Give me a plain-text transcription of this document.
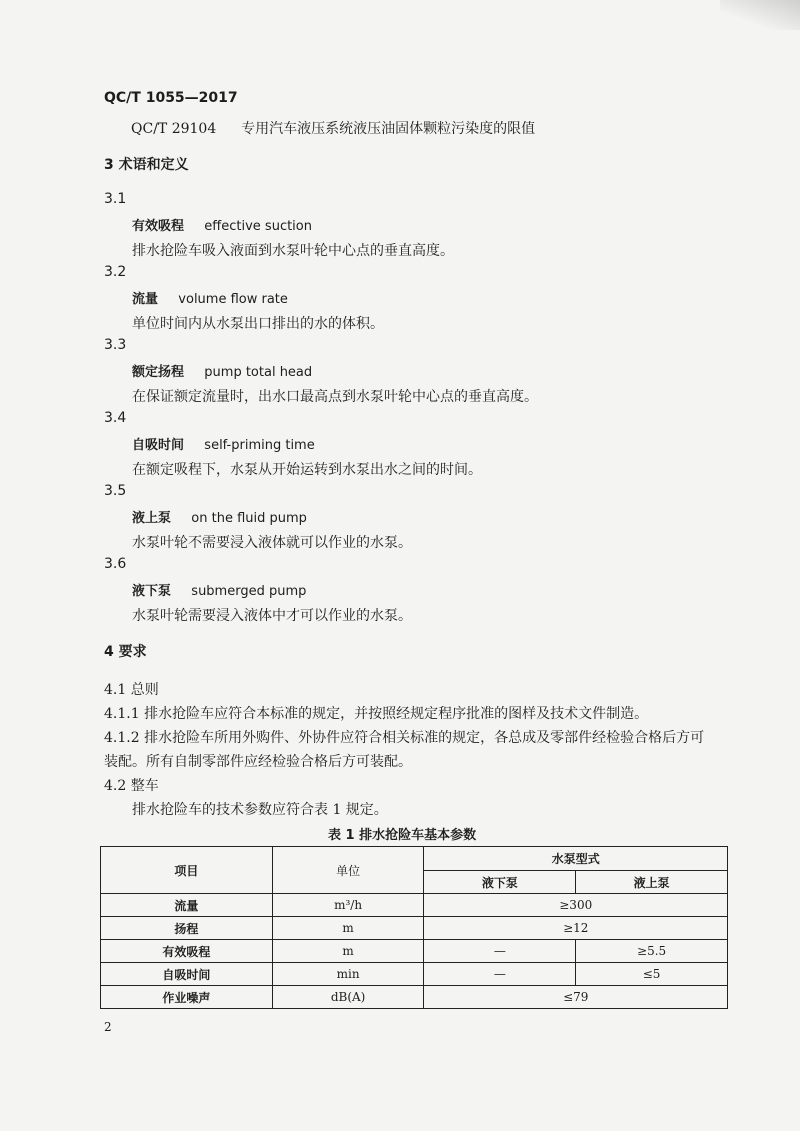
QC/T 1055—2017
QC/T 29104 专用汽车液压系统液压油固体颗粒污染度的限值
3 术语和定义
3.1
有效吸程 effective suction
排水抢险车吸入液面到水泵叶轮中心点的垂直高度。
3.2
流量 volume flow rate
单位时间内从水泵出口排出的水的体积。
3.3
额定扬程 pump total head
在保证额定流量时，出水口最高点到水泵叶轮中心点的垂直高度。
3.4
自吸时间 self-priming time
在额定吸程下，水泵从开始运转到水泵出水之间的时间。
3.5
液上泵 on the fluid pump
水泵叶轮不需要浸入液体就可以作业的水泵。
3.6
液下泵 submerged pump
水泵叶轮需要浸入液体中才可以作业的水泵。
4 要求
4.1 总则
4.1.1 排水抢险车应符合本标准的规定，并按照经规定程序批准的图样及技术文件制造。
4.1.2 排水抢险车所用外购件、外协件应符合相关标准的规定，各总成及零部件经检验合格后方可
装配。所有自制零部件应经检验合格后方可装配。
4.2 整车
排水抢险车的技术参数应符合表 1 规定。
表 1 排水抢险车基本参数
项目	单位	水泵型式	
		液下泵	液上泵
流量	m³/h	≥300	
扬程	m	≥12	
有效吸程	m	—	≥5.5
自吸时间	min	—	≤5
作业噪声	dB(A)	≤79	
2
